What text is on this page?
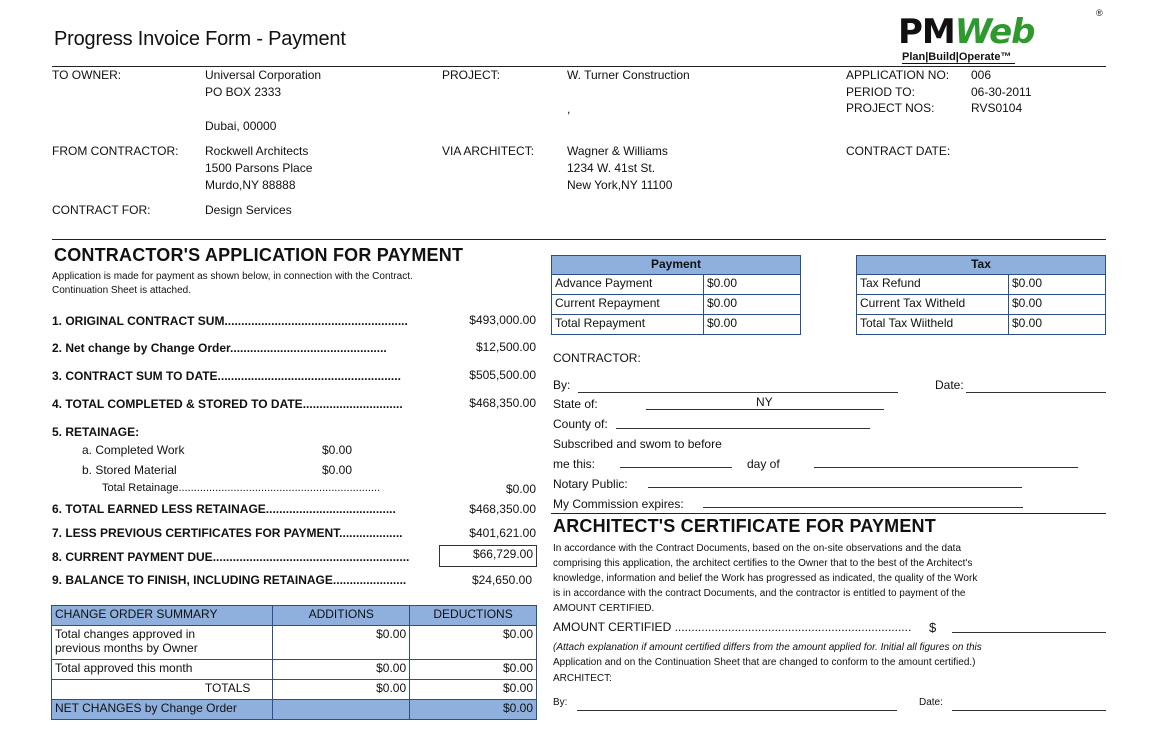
Progress Invoice Form - Payment	PMWeb	®
Plan|Build|Operate™
TO OWNER:	Universal Corporation
PO BOX 2333
Dubai, 00000
PROJECT:	W. Turner Construction
,
APPLICATION NO: 006
PERIOD TO:	06-30-2011
PROJECT NOS:	RVS0104
FROM CONTRACTOR: Rockwell Architects
1500 Parsons Place
Murdo,NY 88888
VIA ARCHITECT:	Wagner & Williams
1234 W. 41st St.
New York,NY 11100
CONTRACT DATE:
CONTRACT FOR:	Design Services
CONTRACTOR'S APPLICATION FOR PAYMENT
Application is made for payment as shown below, in connection with the Contract.
Continuation Sheet is attached.
1. ORIGINAL CONTRACT SUM.......................................................	$493,000.00
2. Net change by Change Order...............................................	$12,500.00
3. CONTRACT SUM TO DATE.......................................................	$505,500.00
4. TOTAL COMPLETED & STORED TO DATE..............................	$468,350.00
5. RETAINAGE:
a. Completed Work	$0.00
b. Stored Material	$0.00
Total Retainage..................................................................	$0.00
6. TOTAL EARNED LESS RETAINAGE.......................................	$468,350.00
7. LESS PREVIOUS CERTIFICATES FOR PAYMENT...................	$401,621.00
8. CURRENT PAYMENT DUE...........................................................	$66,729.00
9. BALANCE TO FINISH, INCLUDING RETAINAGE......................	$24,650.00
CHANGE ORDER SUMMARY	ADDITIONS	DEDUCTIONS
Total changes approved in
previous months by Owner	$0.00	$0.00
Total approved this month	$0.00	$0.00
TOTALS	$0.00	$0.00
NET CHANGES by Change Order		$0.00
Payment	
Advance Payment	$0.00
Current Repayment	$0.00
Total Repayment	$0.00
Tax	
Tax Refund	$0.00
Current Tax Witheld	$0.00
Total Tax Wiitheld	$0.00
CONTRACTOR:
By:	Date:
State of:	NY
County of:
Subscribed and swom to before
me this:	day of
Notary Public:
My Commission expires:
ARCHITECT'S CERTIFICATE FOR PAYMENT
In accordance with the Contract Documents, based on the on-site observations and the data
comprising this application, the architect certifies to the Owner that to the best of the Architect's
knowledge, information and belief the Work has progressed as indicated, the quality of the Work
is in accordance with the contract Documents, and the contractor is entitled to payment of the
AMOUNT CERTIFIED.
AMOUNT CERTIFIED ....................................................................... $
(Attach explanation if amount certified differs from the amount applied for. Initial all figures on this
Application and on the Continuation Sheet that are changed to conform to the amount certified.)
ARCHITECT:
By:	Date:
